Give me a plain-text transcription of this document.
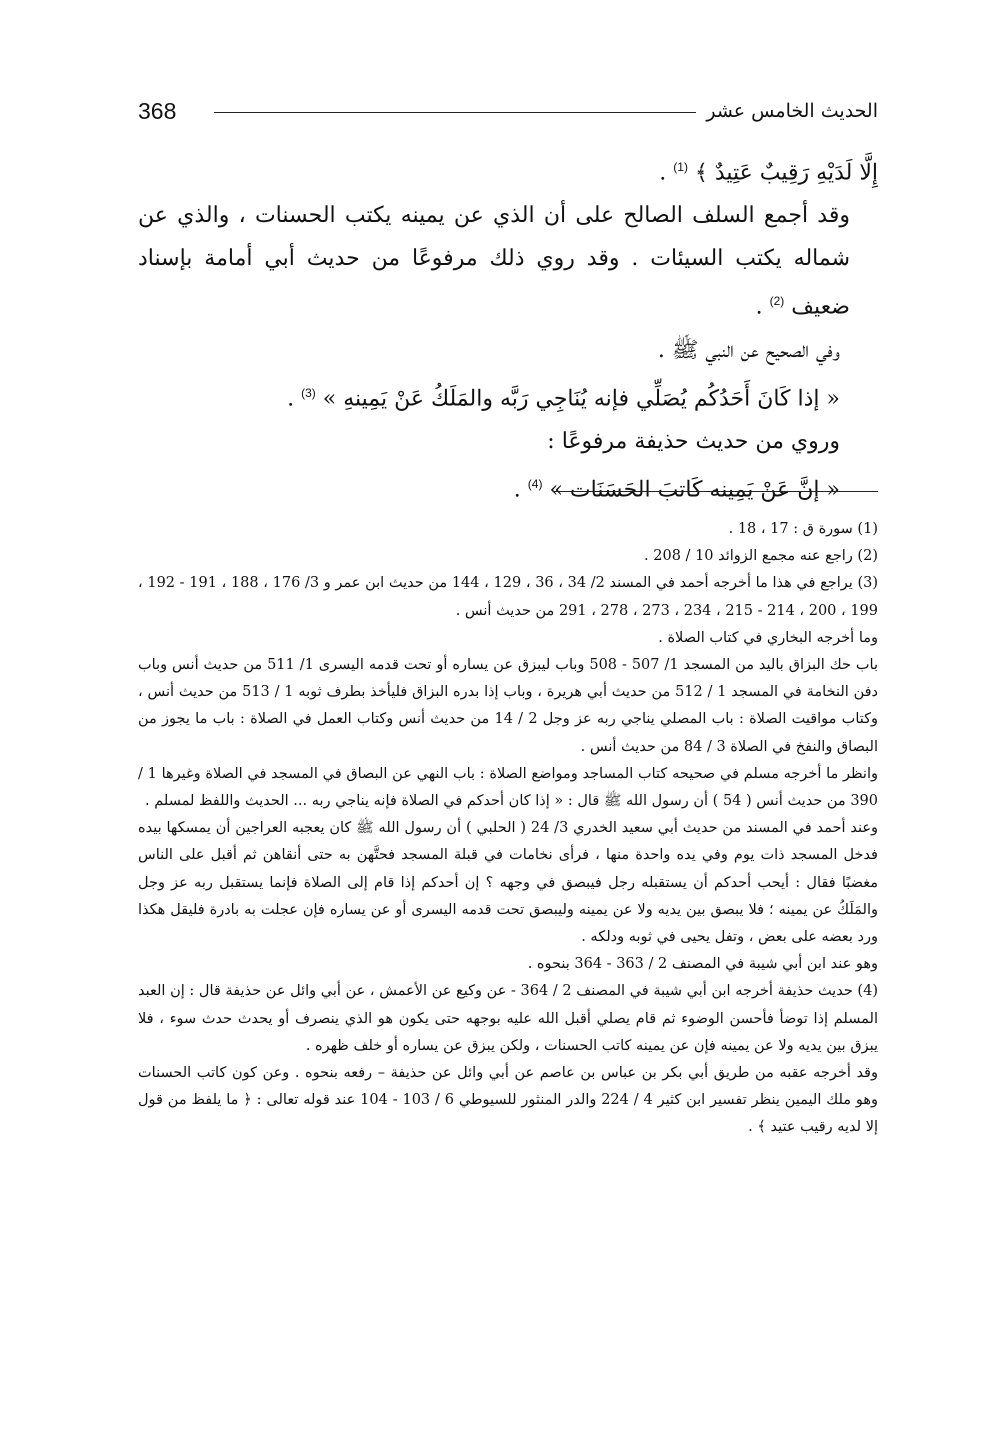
368	الحديث الخامس عشر

إِلَّا لَدَيْهِ رَقِيبٌ عَتِيدٌ ﴾ $^{(1)}$ .

وقد أجمع السلف الصالح على أن الذي عن يمينه يكتب الحسنات ، والذي عن شماله يكتب السيئات . وقد روي ذلك مرفوعًا من حديث أبي أمامة بإسناد ضعيف $^{(2)}$ .

وفي الصحيح عن النبي ﷺ .

« إذا كَانَ أَحَدُكُم يُصَلِّي فإنه يُنَاجِي رَبَّه والمَلَكُ عَنْ يَمِينهِ » $^{(3)}$ .

وروي من حديث حذيفة مرفوعًا :

« إنَّ عَنْ يَمِينه كَاتبَ الحَسَنَات » $^{(4)}$ .

(1) سورة ق : 17 ، 18 .

(2) راجع عنه مجمع الزوائد 10 / 208 .

(3) يراجع في هذا ما أخرجه أحمد في المسند 2/ 34 ، 36 ، 129 ، 144 من حديث ابن عمر و 3/ 176 ، 188 ، 191 - 192 ، 199 ، 200 ، 214 - 215 ، 234 ، 273 ، 278 ، 291 من حديث أنس .

وما أخرجه البخاري في كتاب الصلاة .

باب حك البزاق باليد من المسجد 1/ 507 - 508 وباب ليبزق عن يساره أو تحت قدمه اليسرى 1/ 511 من حديث أنس وباب دفن النخامة في المسجد 1 / 512 من حديث أبي هريرة ، وباب إذا بدره البزاق فليأخذ بطرف ثوبه 1 / 513 من حديث أنس ، وكتاب مواقيت الصلاة : باب المصلي يناجي ربه عز وجل 2 / 14 من حديث أنس وكتاب العمل في الصلاة : باب ما يجوز من البصاق والنفخ في الصلاة 3 / 84 من حديث أنس .

وانظر ما أخرجه مسلم في صحيحه كتاب المساجد ومواضع الصلاة : باب النهي عن البصاق في المسجد في الصلاة وغيرها 1 / 390 من حديث أنس ( 54 ) أن رسول الله ﷺ قال : « إذا كان أحدكم في الصلاة فإنه يناجي ربه ... الحديث واللفظ لمسلم .

وعند أحمد في المسند من حديث أبي سعيد الخدري 3/ 24 ( الحلبي ) أن رسول الله ﷺ كان يعجبه العراجين أن يمسكها بيده فدخل المسجد ذات يوم وفي يده واحدة منها ، فرأى نخامات في قبلة المسجد فحتَّهن به حتى أنقاهن ثم أقبل على الناس مغضبًا فقال : أيحب أحدكم أن يستقبله رجل فيبصق في وجهه ؟ إن أحدكم إذا قام إلى الصلاة فإنما يستقبل ربه عز وجل والمَلَكُ عن يمينه ؛ فلا يبصق بين يديه ولا عن يمينه وليبصق تحت قدمه اليسرى أو عن يساره فإن عجلت به بادرة فليقل هكذا ورد بعضه على بعض ، وتفل يحيى في ثوبه ودلكه .

وهو عند ابن أبي شيبة في المصنف 2 / 363 - 364 بنحوه .

(4) حديث حذيفة أخرجه ابن أبي شيبة في المصنف 2 / 364 - عن وكيع عن الأعمش ، عن أبي وائل عن حذيفة قال : إن العبد المسلم إذا توضأ فأحسن الوضوء ثم قام يصلي أقبل الله عليه بوجهه حتى يكون هو الذي ينصرف أو يحدث حدث سوء ، فلا يبزق بين يديه ولا عن يمينه فإن عن يمينه كاتب الحسنات ، ولكن يبزق عن يساره أو خلف ظهره .

وقد أخرجه عقبه من طريق أبي بكر بن عباس بن عاصم عن أبي وائل عن حذيفة – رفعه بنحوه . وعن كون كاتب الحسنات وهو ملك اليمين ينظر تفسير ابن كثير 4 / 224 والدر المنثور للسيوطي 6 / 103 - 104 عند قوله تعالى : ﴿ ما يلفظ من قول إلا لديه رقيب عتيد ﴾ .
